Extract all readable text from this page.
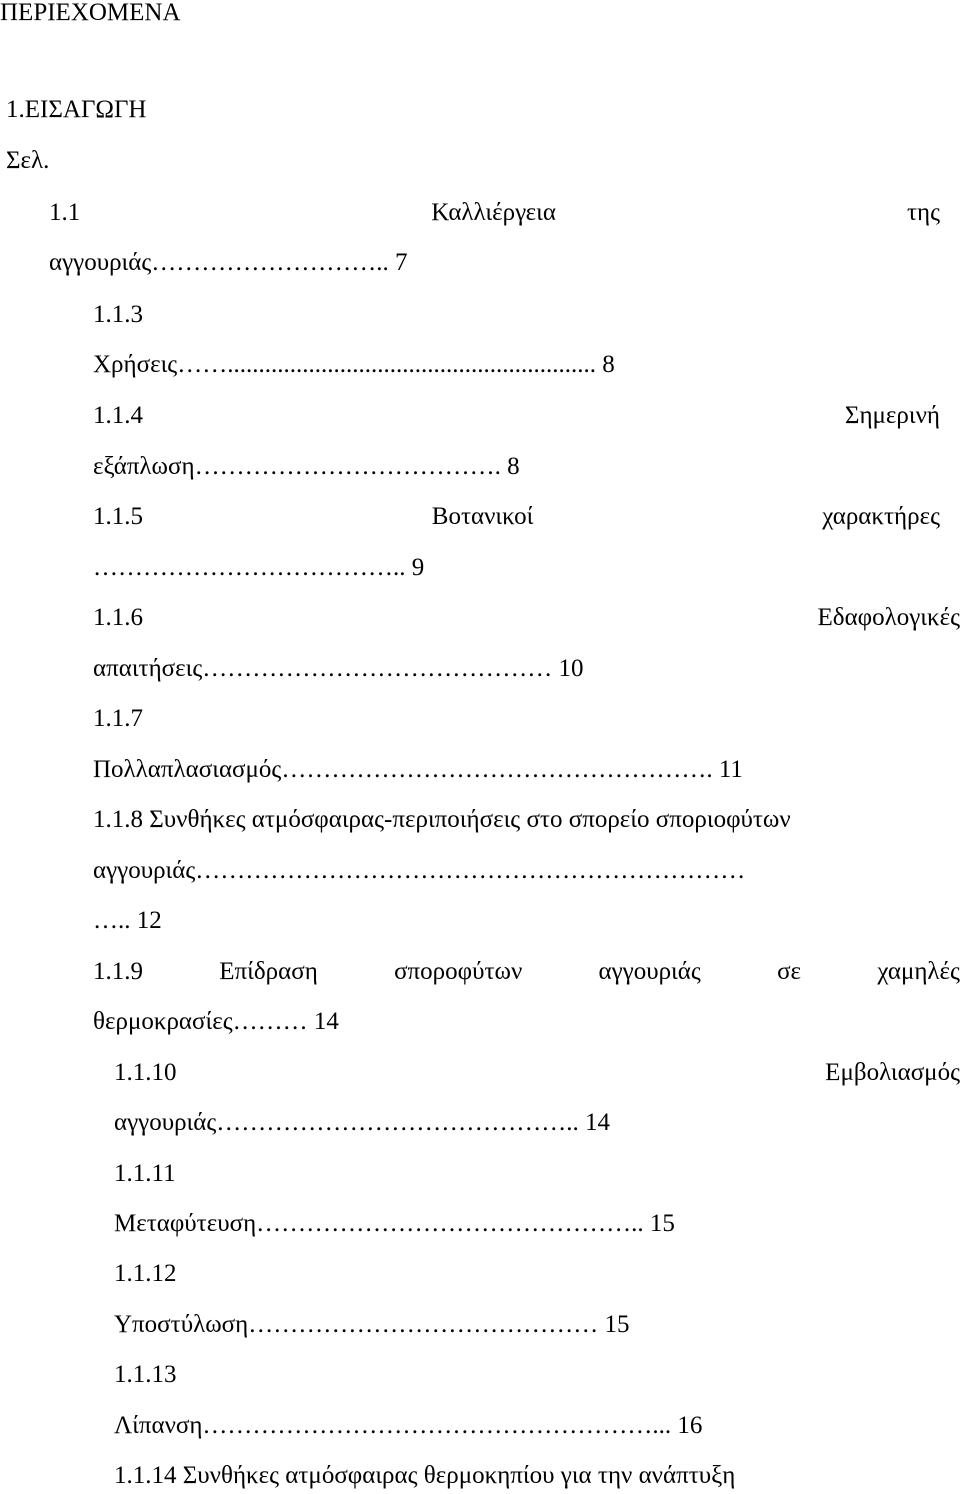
ΠΕΡΙΕΧΟΜΕΝΑ
1.ΕΙΣΑΓΩΓΗ
Σελ.
1.1	Καλλιέργεια	της
αγγουριάς……………………….. 7
1.1.3
Χρήσεις……........................................................... 8
1.1.4	Σημερινή
εξάπλωση………………………………. 8
1.1.5	Βοτανικοί	χαρακτήρες
……………………………….. 9
1.1.6	Εδαφολογικές
απαιτήσεις…………………………………… 10
1.1.7
Πολλαπλασιασμός……………………………………………. 11
1.1.8 Συνθήκες ατμόσφαιρας-περιποιήσεις στο σπορείο σποριοφύτων
αγγουριάς…………………………………………………………
….. 12
1.1.9	Επίδραση	σποροφύτων	αγγουριάς	σε	χαμηλές
θερμοκρασίες……… 14
1.1.10	Εμβολιασμός
αγγουριάς…………………………………….. 14
1.1.11
Μεταφύτευση……………………………………….. 15
1.1.12
Υποστύλωση…………………………………… 15
1.1.13
Λίπανση………………………………………………... 16
1.1.14 Συνθήκες ατμόσφαιρας θερμοκηπίου για την ανάπτυξη
